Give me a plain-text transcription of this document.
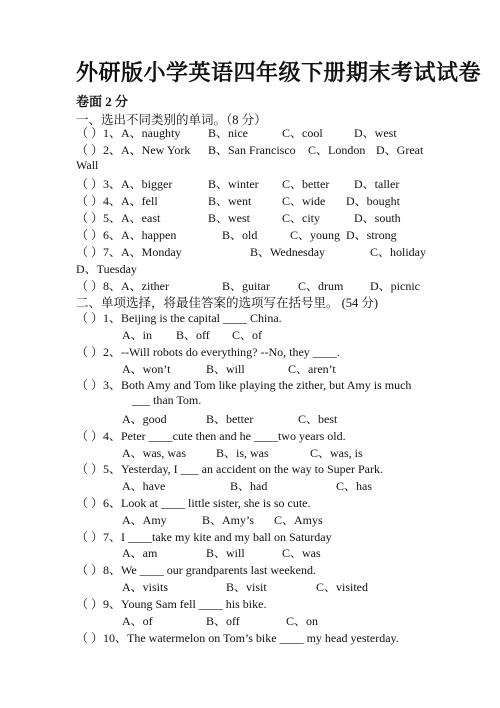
外研版小学英语四年级下册期末考试试卷
卷面 2 分
一、选出不同类别的单词。（8 分）
（ ）1、A、naughty B、nice	C、cool	D、west
（ ）2、A、New York B、San Francisco C、London D、Great
Wall
（ ）3、A、bigger	B、winter C、better D、taller
（ ）4、A、fell	B、went	C、wide D、bought
（ ）5、A、east	B、west	C、city	D、south
（ ）6、A、happen	B、old	C、young D、strong
（ ）7、A、Monday	B、Wednesday	C、holiday
D、Tuesday
（ ）8、A、zither	B、guitar C、drum D、picnic
二、单项选择，将最佳答案的选项写在括号里。 (54 分)
（ ）1、Beijing is the capital ____ China.
A、in B、off C、of
（ ）2、--Will robots do everything? --No, they ____.
A、won’t	B、will	C、aren’t
（ ）3、Both Amy and Tom like playing the zither, but Amy is much
___ than Tom.
A、good	B、better	C、best
（ ）4、Peter ____cute then and he ____two years old.
A、was, was	B、is, was	C、was, is
（ ）5、Yesterday, I ___ an accident on the way to Super Park.
A、have	B、had	C、has
（ ）6、Look at ____ little sister, she is so cute.
A、Amy	B、Amy’s C、Amys
（ ）7、I ____take my kite and my ball on Saturday
A、am	B、will	C、was
（ ）8、We ____ our grandparents last weekend.
A、visits	B、visit	C、visited
（ ）9、Young Sam fell ____ his bike.
A、of	B、off	C、on
（ ）10、The watermelon on Tom’s bike ____ my head yesterday.
